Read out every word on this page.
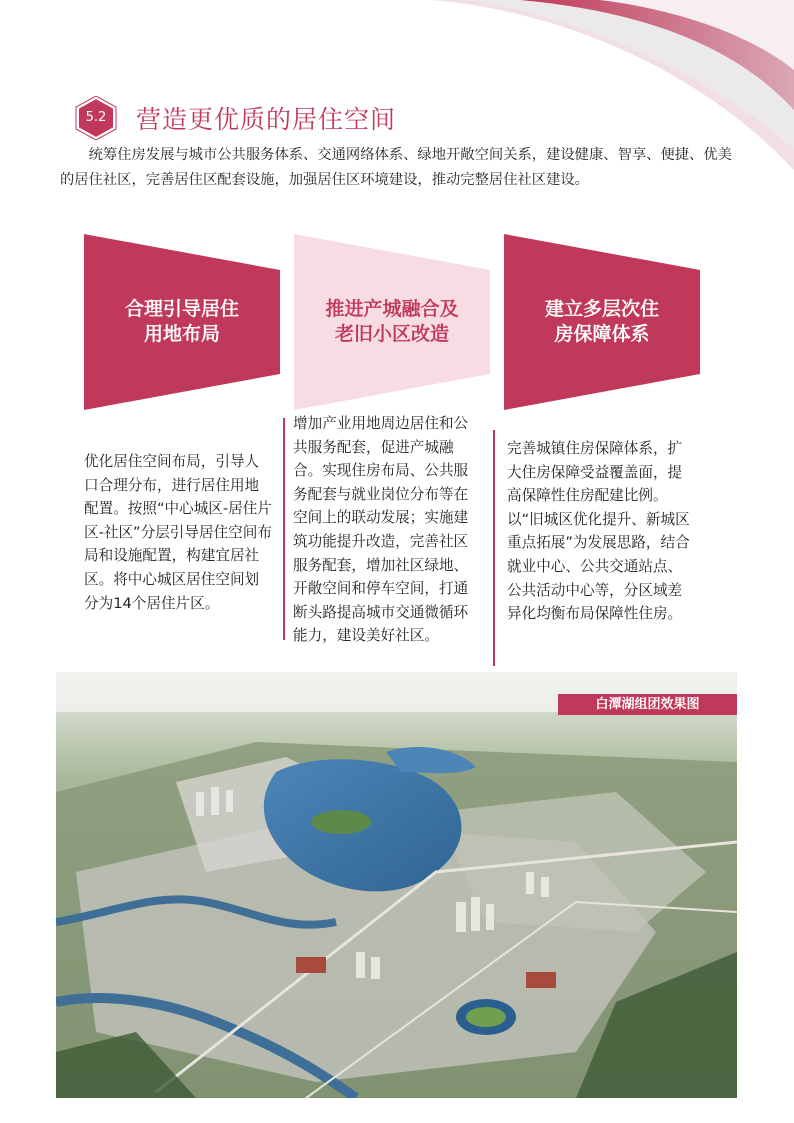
5.2	营造更优质的居住空间

统筹住房发展与城市公共服务体系、交通网络体系、绿地开敞空间关系，建设健康、智享、便捷、优美的居住社区，完善居住区配套设施，加强居住区环境建设，推动完整居住社区建设。

合理引导居住
用地布局
推进产城融合及
老旧小区改造
建立多层次住
房保障体系

优化居住空间布局，引导人口合理分布，进行居住用地配置。按照“中心城区-居住片区-社区”分层引导居住空间布局和设施配置，构建宜居社区。将中心城区居住空间划分为14个居住片区。

增加产业用地周边居住和公共服务配套，促进产城融合。实现住房布局、公共服务配套与就业岗位分布等在空间上的联动发展；实施建筑功能提升改造，完善社区服务配套，增加社区绿地、开敞空间和停车空间，打通断头路提高城市交通微循环能力，建设美好社区。

完善城镇住房保障体系，扩大住房保障受益覆盖面，提高保障性住房配建比例。以“旧城区优化提升、新城区重点拓展”为发展思路，结合就业中心、公共交通站点、公共活动中心等，分区域差异化均衡布局保障性住房。

白潭湖组团效果图
